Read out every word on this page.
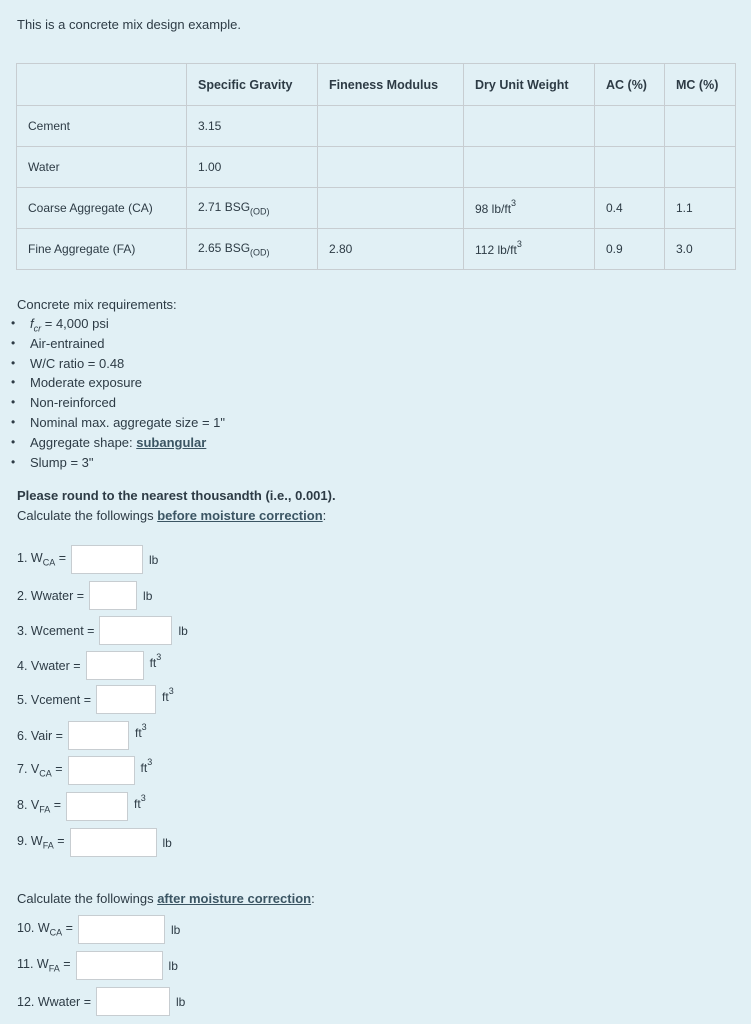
This is a concrete mix design example.
	Specific Gravity	Fineness Modulus	Dry Unit Weight	AC (%)	MC (%)
Cement	3.15				
Water	1.00				
Coarse Aggregate (CA)	2.71 $BSG_{(OD)}$		98 $lb/ft^3$	0.4	1.1
Fine Aggregate (FA)	2.65 $BSG_{(OD)}$	2.80	112 $lb/ft^3$	0.9	3.0
Concrete mix requirements:
• $f_{cr} = 4,000$ psi
• Air-entrained
• W/C ratio = 0.48
• Moderate exposure
• Non-reinforced
• Nominal max. aggregate size = 1"
• Aggregate shape: subangular
• Slump = 3"
Please round to the nearest thousandth (i.e., 0.001).
Calculate the followings before moisture correction:
1. $W_{CA}$ =	lb
2. Wwater =	lb
3. Wcement =	lb
4. Vwater =	$ft^3$
5. Vcement =	$ft^3$
6. Vair =	$ft^3$
7. $V_{CA}$ =	$ft^3$
8. $V_{FA}$ =	$ft^3$
9. $W_{FA}$ =	lb
Calculate the followings after moisture correction:
10. $W_{CA}$ =	lb
11. $W_{FA}$ =	lb
12. Wwater =	lb
